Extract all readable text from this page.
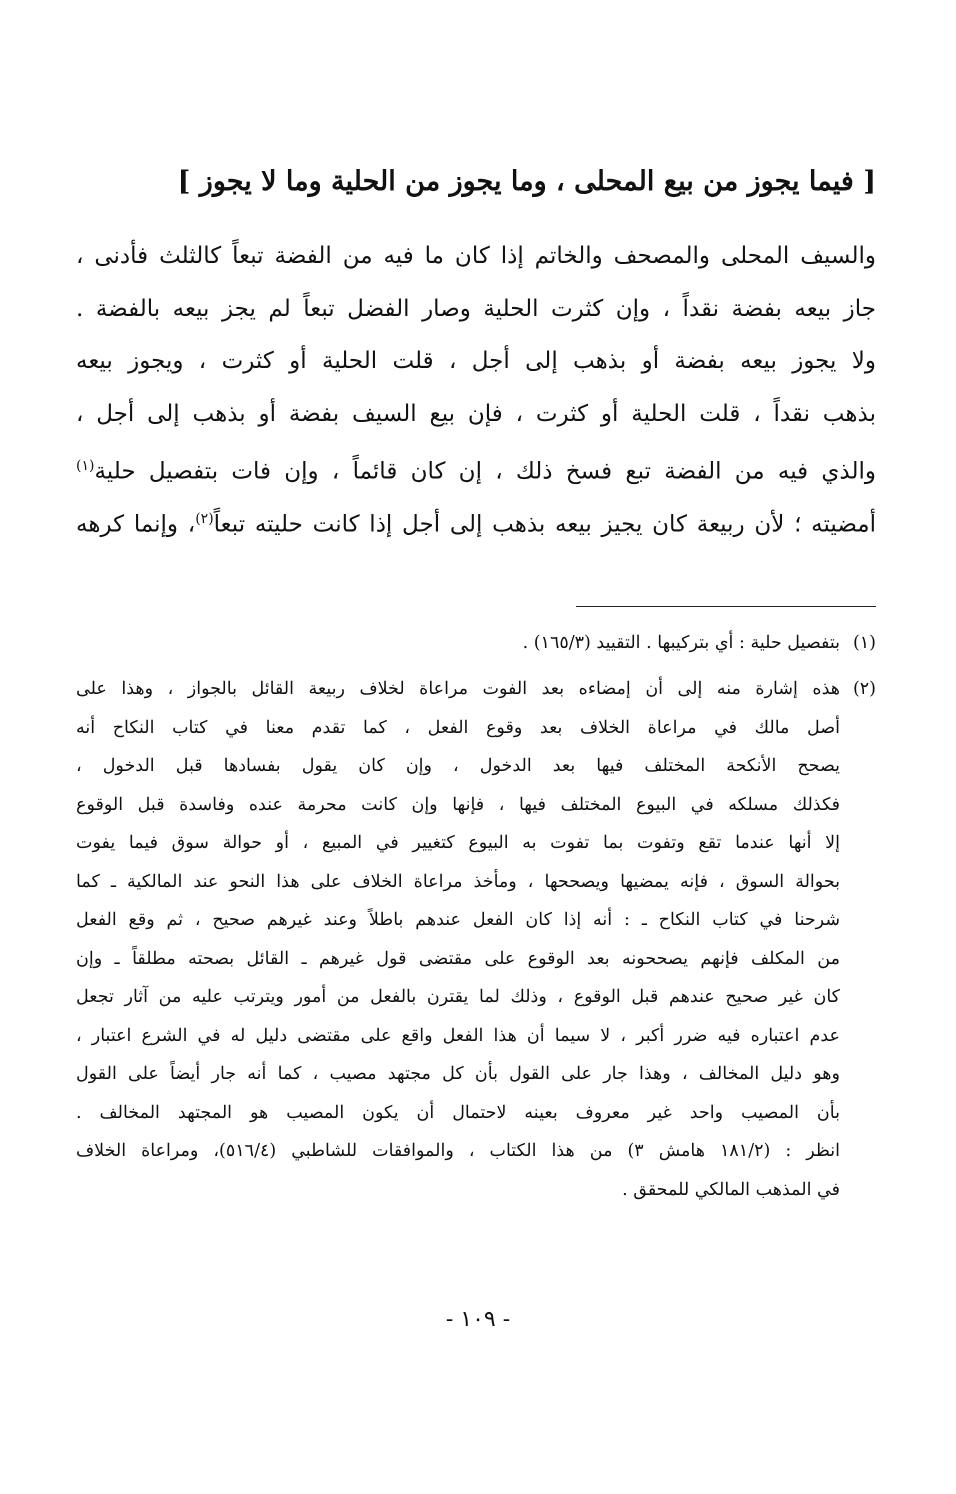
[ فيما يجوز من بيع المحلى ، وما يجوز من الحلية وما لا يجوز ]
والسيف المحلى والمصحف والخاتم إذا كان ما فيه من الفضة تبعاً كالثلث فأدنى ،
جاز بيعه بفضة نقداً ، وإن كثرت الحلية وصار الفضل تبعاً لم يجز بيعه بالفضة .
ولا يجوز بيعه بفضة أو بذهب إلى أجل ، قلت الحلية أو كثرت ، ويجوز بيعه
بذهب نقداً ، قلت الحلية أو كثرت ، فإن بيع السيف بفضة أو بذهب إلى أجل ،
والذي فيه من الفضة تبع فسخ ذلك ، إن كان قائماً ، وإن فات بتفصيل حلية$^{(١)}$
أمضيته ؛ لأن ربيعة كان يجيز بيعه بذهب إلى أجل إذا كانت حليته تبعاً$^{(٢)}$، وإنما كرهه
(١)
بتفصيل حلية : أي بتركيبها . التقييد (١٦٥/٣) .
(٢)
هذه إشارة منه إلى أن إمضاءه بعد الفوت مراعاة لخلاف ربيعة القائل بالجواز ، وهذا على
أصل مالك في مراعاة الخلاف بعد وقوع الفعل ، كما تقدم معنا في كتاب النكاح أنه
يصحح الأنكحة المختلف فيها بعد الدخول ، وإن كان يقول بفسادها قبل الدخول ،
فكذلك مسلكه في البيوع المختلف فيها ، فإنها وإن كانت محرمة عنده وفاسدة قبل الوقوع
إلا أنها عندما تقع وتفوت بما تفوت به البيوع كتغيير في المبيع ، أو حوالة سوق فيما يفوت
بحوالة السوق ، فإنه يمضيها ويصححها ، ومأخذ مراعاة الخلاف على هذا النحو عند المالكية ـ كما
شرحنا في كتاب النكاح ـ : أنه إذا كان الفعل عندهم باطلاً وعند غيرهم صحيح ، ثم وقع الفعل
من المكلف فإنهم يصححونه بعد الوقوع على مقتضى قول غيرهم ـ القائل بصحته مطلقاً ـ وإن
كان غير صحيح عندهم قبل الوقوع ، وذلك لما يقترن بالفعل من أمور ويترتب عليه من آثار تجعل
عدم اعتباره فيه ضرر أكبر ، لا سيما أن هذا الفعل واقع على مقتضى دليل له في الشرع اعتبار ،
وهو دليل المخالف ، وهذا جار على القول بأن كل مجتهد مصيب ، كما أنه جار أيضاً على القول
بأن المصيب واحد غير معروف بعينه لاحتمال أن يكون المصيب هو المجتهد المخالف .
انظر : (١٨١/٢ هامش ٣) من هذا الكتاب ، والموافقات للشاطبي (٥١٦/٤)، ومراعاة الخلاف
في المذهب المالكي للمحقق .
- ١٠٩ -
